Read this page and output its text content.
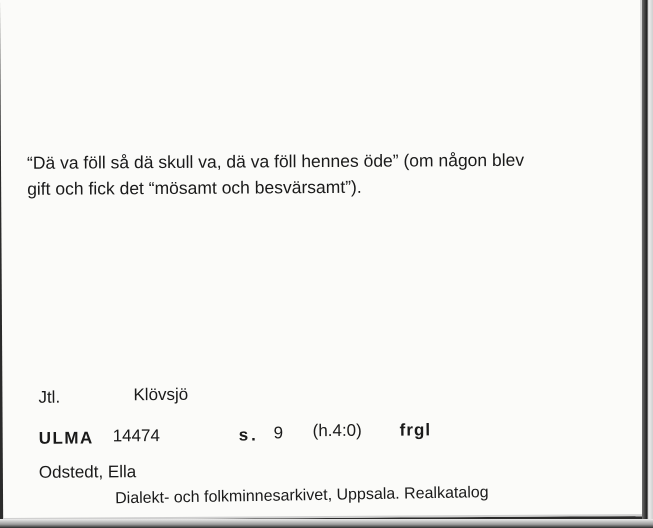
“Dä va föll så dä skull va, dä va föll hennes öde” (om någon blev
gift och fick det “mösamt och besvärsamt”).
Jtl.	Klövsjö
ULMA 14474	s. 9 (h.4:0) frgl
Odstedt, Ella
Dialekt- och folkminnesarkivet, Uppsala. Realkatalog
